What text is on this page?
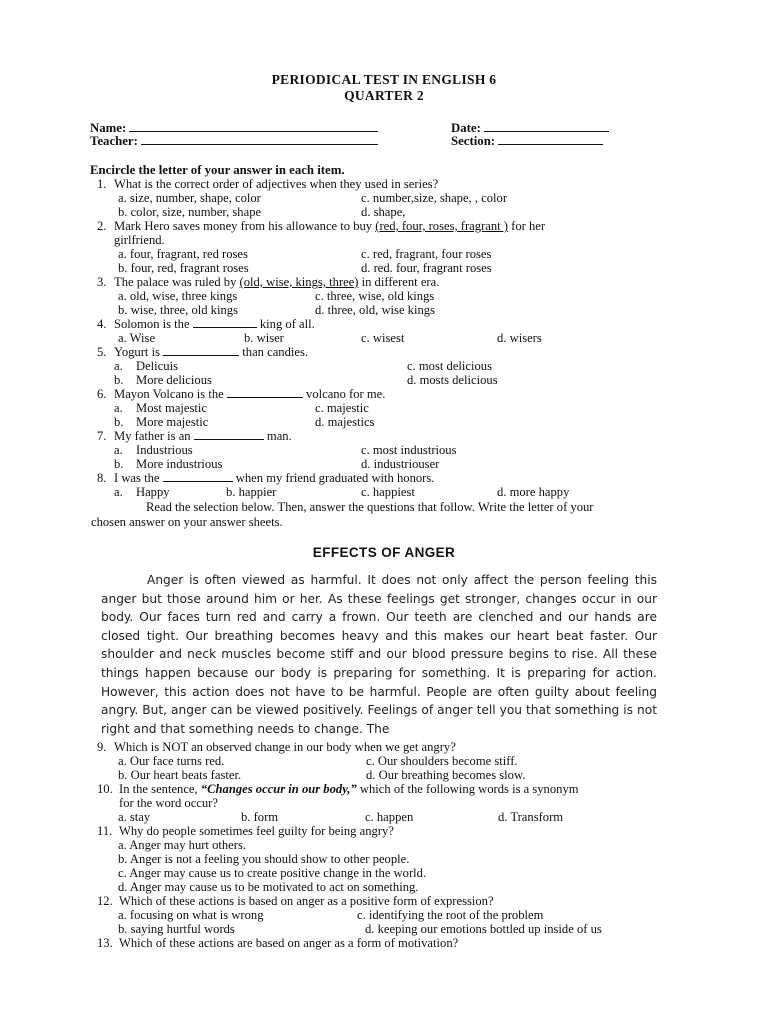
PERIODICAL TEST IN ENGLISH 6
QUARTER 2
Name:	Date:
Teacher:	Section:
Encircle the letter of your answer in each item.
1. What is the correct order of adjectives when they used in series?
a. size, number, shape, color	c. number,size, shape, , color
b. color, size, number, shape	d. shape,
2. Mark Hero saves money from his allowance to buy (red, four, roses, fragrant ) for her
girlfriend.
a. four, fragrant, red roses	c. red, fragrant, four roses
b. four, red, fragrant roses	d. red. four, fragrant roses
3. The palace was ruled by (old, wise, kings, three) in different era.
a. old, wise, three kings	c. three, wise, old kings
b. wise, three, old kings	d. three, old, wise kings
4. Solomon is the	king of all.
a. Wise	b. wiser	c. wisest	d. wisers
5. Yogurt is	than candies.
a. Delicuis	c. most delicious
b. More delicious	d. mosts delicious
6. Mayon Volcano is the	volcano for me.
a. Most majestic	c. majestic
b. More majestic	d. majestics
7. My father is an	man.
a. Industrious	c. most industrious
b. More industrious	d. industriouser
8. I was the	when my friend graduated with honors.
a. Happy	b. happier	c. happiest	d. more happy
Read the selection below. Then, answer the questions that follow. Write the letter of your
chosen answer on your answer sheets.
EFFECTS OF ANGER

Anger is often viewed as harmful. It does not only affect the person feeling this anger but those around him or her. As these feelings get stronger, changes occur in our body. Our faces turn red and carry a frown. Our teeth are clenched and our hands are closed tight. Our breathing becomes heavy and this makes our heart beat faster. Our shoulder and neck muscles become stiff and our blood pressure begins to rise. All these things happen because our body is preparing for something. It is preparing for action. However, this action does not have to be harmful. People are often guilty about feeling angry. But, anger can be viewed positively. Feelings of anger tell you that something is not right and that something needs to change. The

9. Which is NOT an observed change in our body when we get angry?
a. Our face turns red.	c. Our shoulders become stiff.
b. Our heart beats faster.	d. Our breathing becomes slow.
10. In the sentence, “Changes occur in our body,” which of the following words is a synonym
for the word occur?
a. stay	b. form	c. happen	d. Transform
11. Why do people sometimes feel guilty for being angry?
a. Anger may hurt others.
b. Anger is not a feeling you should show to other people.
c. Anger may cause us to create positive change in the world.
d. Anger may cause us to be motivated to act on something.
12. Which of these actions is based on anger as a positive form of expression?
a. focusing on what is wrong	c. identifying the root of the problem
b. saying hurtful words	d. keeping our emotions bottled up inside of us
13. Which of these actions are based on anger as a form of motivation?
